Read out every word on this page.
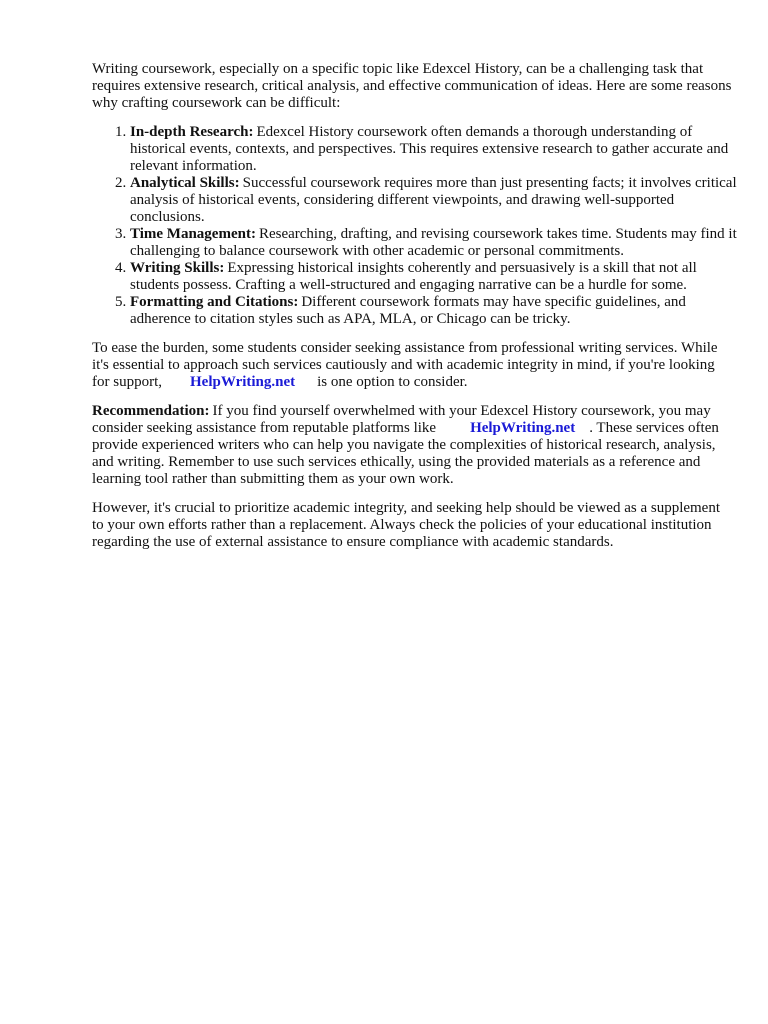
Writing coursework, especially on a specific topic like Edexcel History, can be a challenging task that requires extensive research, critical analysis, and effective communication of ideas. Here are some reasons why crafting coursework can be difficult:

1. In-depth Research: Edexcel History coursework often demands a thorough understanding of historical events, contexts, and perspectives. This requires extensive research to gather accurate and relevant information.
2. Analytical Skills: Successful coursework requires more than just presenting facts; it involves critical analysis of historical events, considering different viewpoints, and drawing well-supported conclusions.
3. Time Management: Researching, drafting, and revising coursework takes time. Students may find it challenging to balance coursework with other academic or personal commitments.
4. Writing Skills: Expressing historical insights coherently and persuasively is a skill that not all students possess. Crafting a well-structured and engaging narrative can be a hurdle for some.
5. Formatting and Citations: Different coursework formats may have specific guidelines, and adherence to citation styles such as APA, MLA, or Chicago can be tricky.

To ease the burden, some students consider seeking assistance from professional writing services. While it's essential to approach such services cautiously and with academic integrity in mind, if you're looking for support, HelpWriting.net is one option to consider.

Recommendation: If you find yourself overwhelmed with your Edexcel History coursework, you may consider seeking assistance from reputable platforms like HelpWriting.net . These services often provide experienced writers who can help you navigate the complexities of historical research, analysis, and writing. Remember to use such services ethically, using the provided materials as a reference and learning tool rather than submitting them as your own work.

However, it's crucial to prioritize academic integrity, and seeking help should be viewed as a supplement to your own efforts rather than a replacement. Always check the policies of your educational institution regarding the use of external assistance to ensure compliance with academic standards.
